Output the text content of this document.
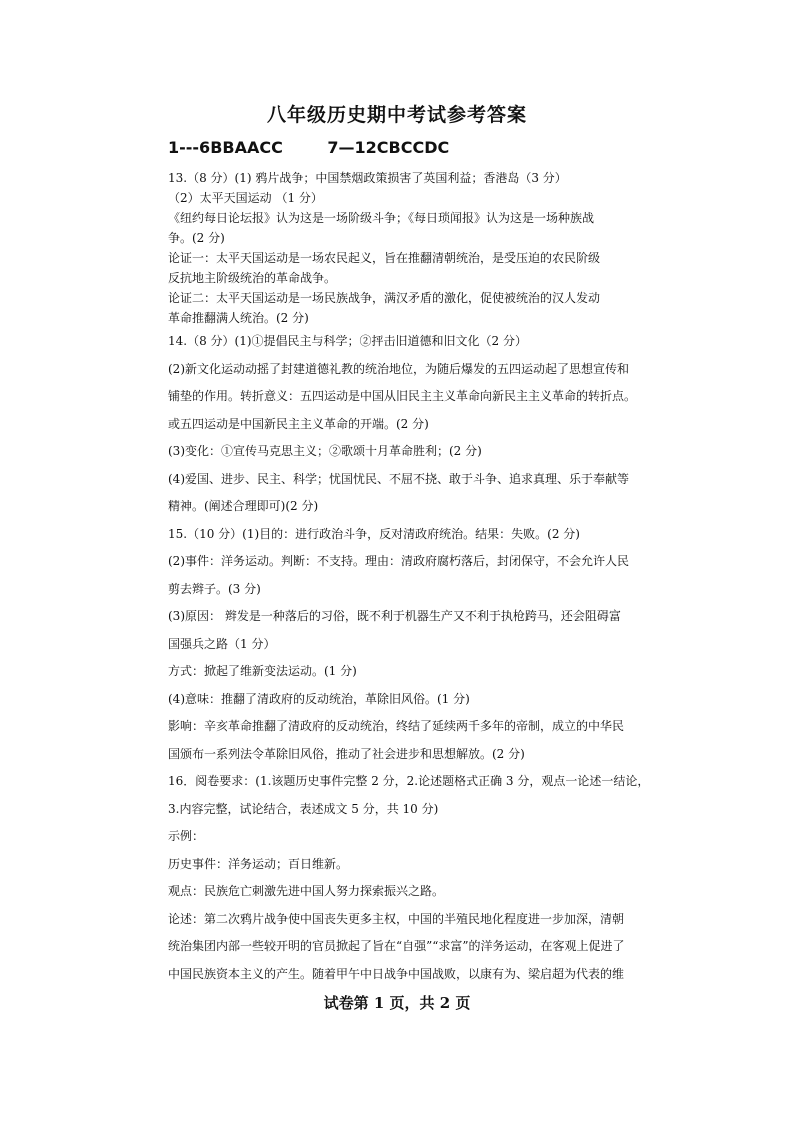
八年级历史期中考试参考答案
1---6BBAACC        7—12CBCCDC
13.（8 分）(1) 鸦片战争；中国禁烟政策损害了英国利益；香港岛（3 分）
（2）太平天国运动 （1 分）
《纽约每日论坛报》认为这是一场阶级斗争；《每日琐闻报》认为这是一场种族战
争。(2 分)
论证一：太平天国运动是一场农民起义，旨在推翻清朝统治，是受压迫的农民阶级
反抗地主阶级统治的革命战争。
论证二：太平天国运动是一场民族战争，满汉矛盾的激化，促使被统治的汉人发动
革命推翻满人统治。(2 分)
14.（8 分）(1)①提倡民主与科学；②抨击旧道德和旧文化（2 分）
(2)新文化运动动摇了封建道德礼教的统治地位，为随后爆发的五四运动起了思想宣传和
铺垫的作用。转折意义：五四运动是中国从旧民主主义革命向新民主主义革命的转折点。
或五四运动是中国新民主主义革命的开端。(2 分)
(3)变化：①宣传马克思主义；②歌颂十月革命胜利；(2 分)
(4)爱国、进步、民主、科学；忧国忧民、不屈不挠、敢于斗争、追求真理、乐于奉献等
精神。(阐述合理即可)(2 分)
15.（10 分）(1)目的：进行政治斗争，反对清政府统治。结果：失败。(2 分)
(2)事件：洋务运动。判断：不支持。理由：清政府腐朽落后，封闭保守，不会允许人民
剪去辫子。(3 分)
(3)原因： 辫发是一种落后的习俗，既不利于机器生产又不利于执枪跨马，还会阻碍富
国强兵之路（1 分）
方式：掀起了维新变法运动。(1 分)
(4)意味：推翻了清政府的反动统治，革除旧风俗。(1 分)
影响：辛亥革命推翻了清政府的反动统治，终结了延续两千多年的帝制，成立的中华民
国颁布一系列法令革除旧风俗，推动了社会进步和思想解放。(2 分)
16．阅卷要求：(1.该题历史事件完整 2 分，2.论述题格式正确 3 分，观点一论述一结论，
3.内容完整，试论结合，表述成文 5 分，共 10 分)
示例：
历史事件：洋务运动；百日维新。
观点：民族危亡刺激先进中国人努力探索振兴之路。
论述：第二次鸦片战争使中国丧失更多主权，中国的半殖民地化程度进一步加深，清朝
统治集团内部一些较开明的官员掀起了旨在“自强”“求富”的洋务运动，在客观上促进了
中国民族资本主义的产生。随着甲午中日战争中国战败，以康有为、梁启超为代表的维
试卷第 1 页，共 2 页
